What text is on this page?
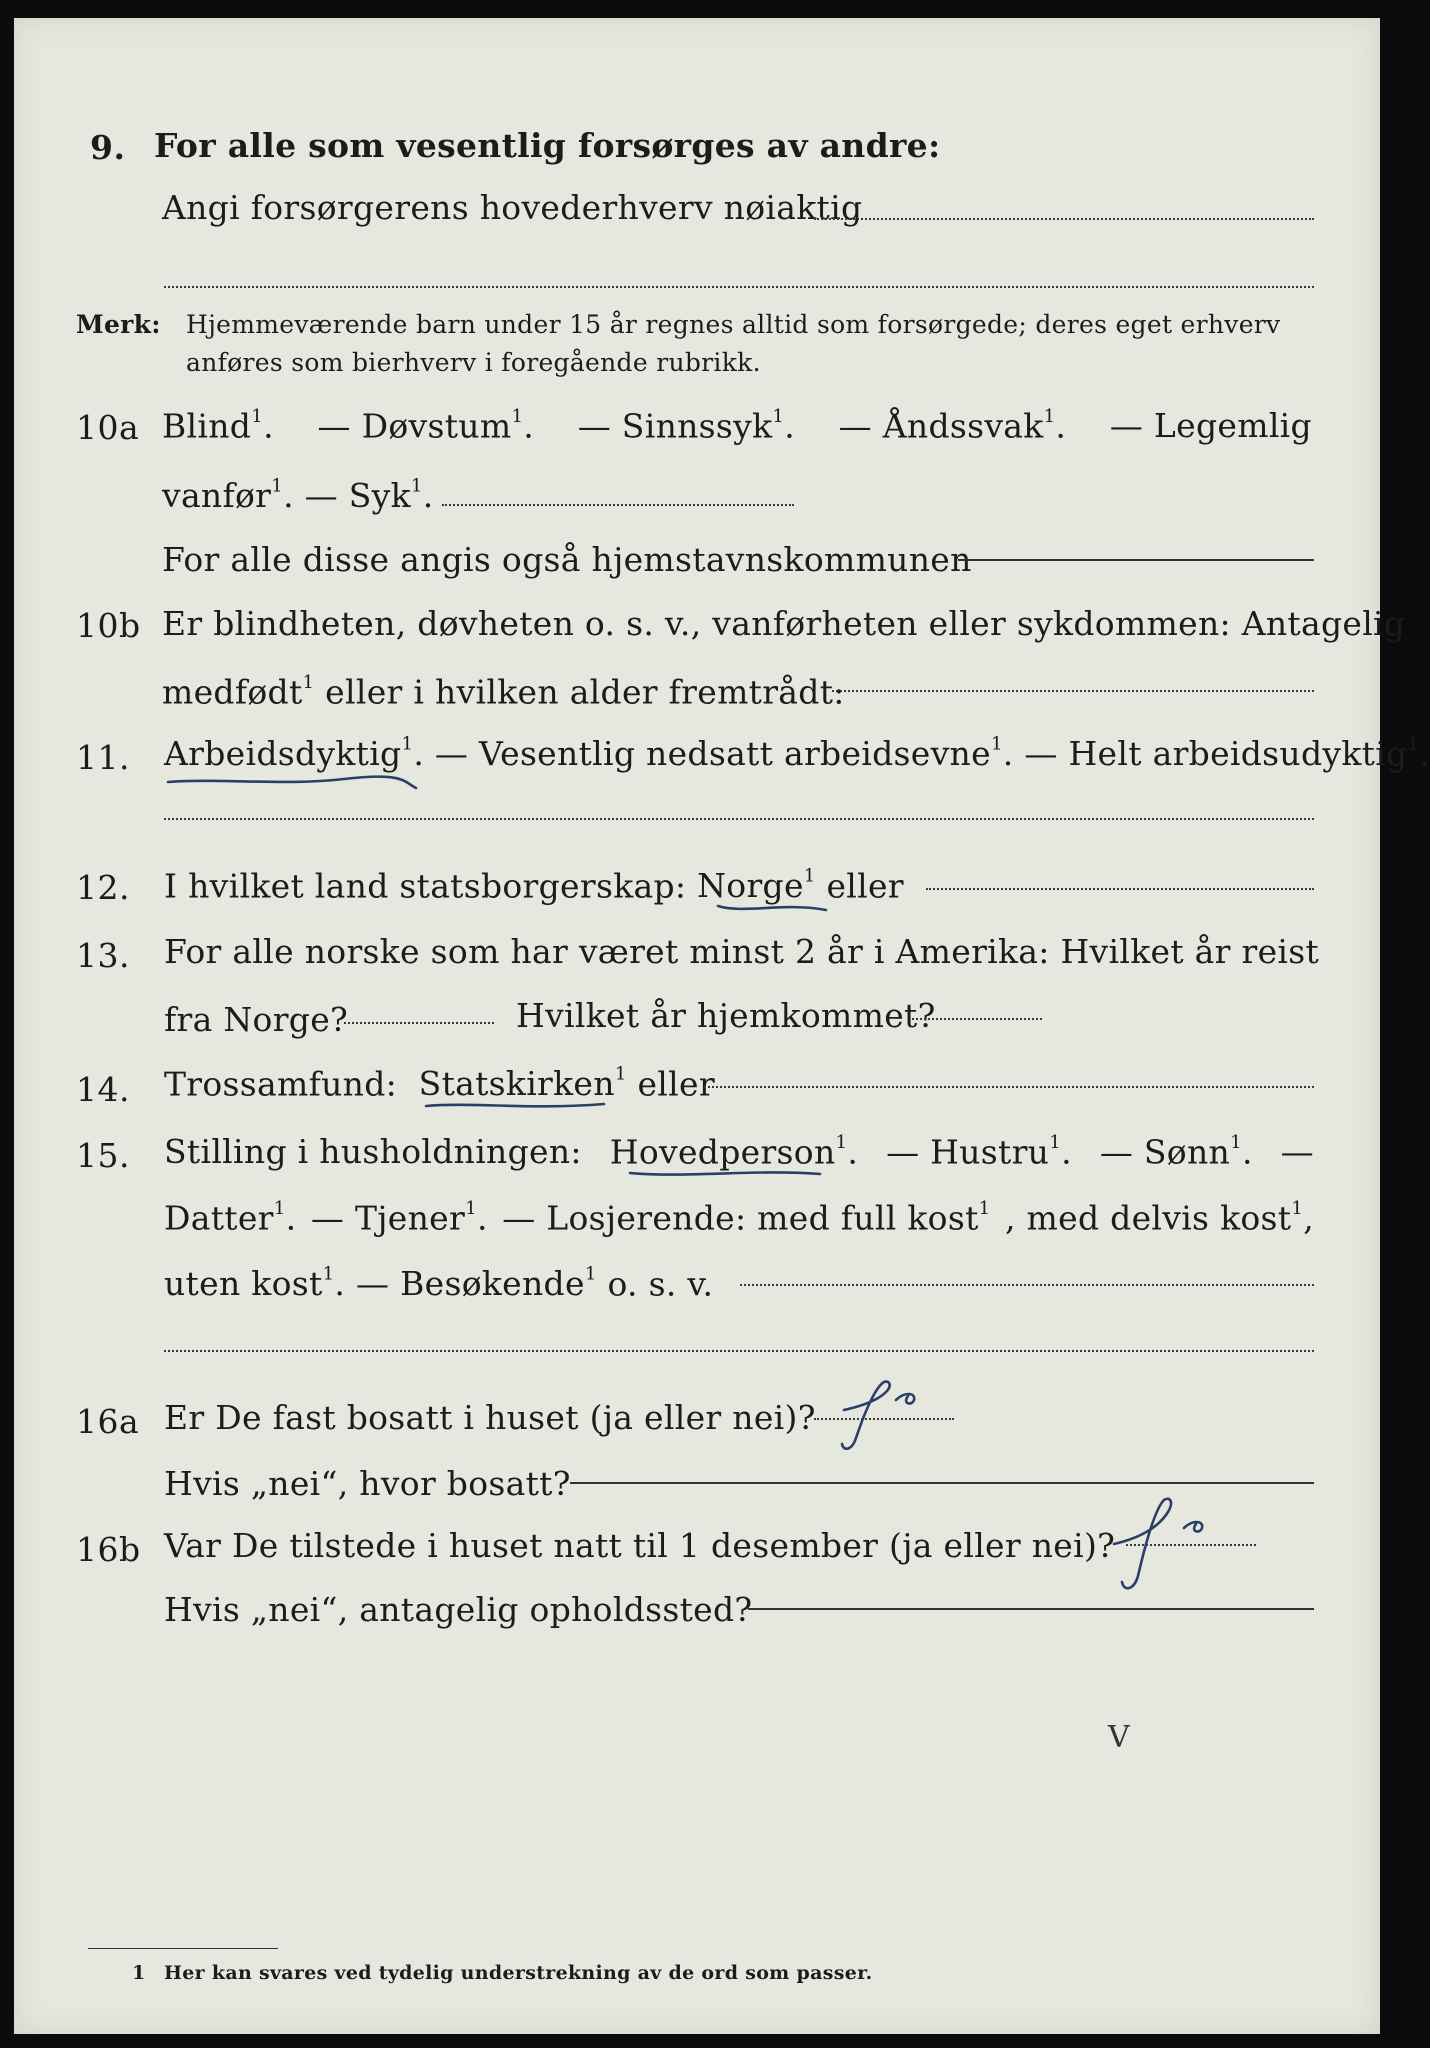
9. For alle som vesentlig forsørges av andre:
Angi forsørgerens hovederhverv nøiaktig
Merk: Hjemmeværende barn under 15 år regnes alltid som forsørgede; deres eget erhverv
anføres som bierhverv i foregående rubrikk.
10a Blind$^1$. — Døvstum$^1$. — Sinnssyk$^1$. — Åndssvak$^1$. — Legemlig
vanfør$^1$. — Syk$^1$.
For alle disse angis også hjemstavnskommunen
10b Er blindheten, døvheten o. s. v., vanførheten eller sykdommen: Antagelig
medfødt$^1$ eller i hvilken alder fremtrådt:
11. Arbeidsdyktig$^1$. — Vesentlig nedsatt arbeidsevne$^1$. — Helt arbeidsudyktig$^1$.
12. I hvilket land statsborgerskap: Norge$^1$ eller
13. For alle norske som har været minst 2 år i Amerika: Hvilket år reist
fra Norge?	Hvilket år hjemkommet?
14. Trossamfund: Statskirken$^1$ eller
15. Stilling i husholdningen: Hovedperson$^1$. — Hustru$^1$. — Sønn$^1$. —
Datter$^1$. — Tjener$^1$. — Losjerende: med full kost$^1$ , med delvis kost$^1$,
uten kost$^1$. — Besøkende$^1$ o. s. v.
16a Er De fast bosatt i huset (ja eller nei)?
Hvis „nei“, hvor bosatt?
16b Var De tilstede i huset natt til 1 desember (ja eller nei)?
Hvis „nei“, antagelig opholdssted?
V
1 Her kan svares ved tydelig understrekning av de ord som passer.
